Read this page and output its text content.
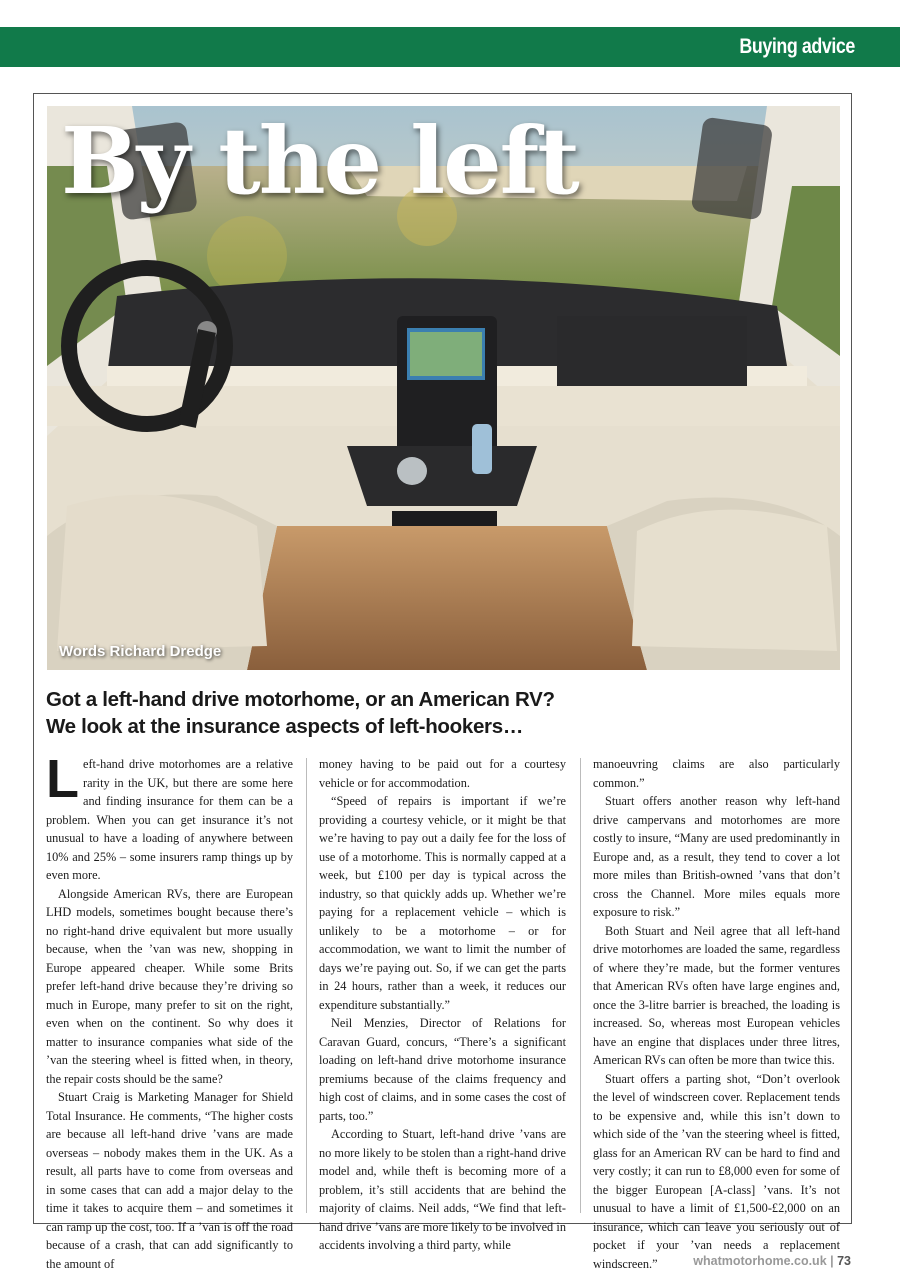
Buying advice
By the left
Words Richard Dredge
Got a left-hand drive motorhome, or an American RV?
We look at the insurance aspects of left-hookers…

Left-hand drive motorhomes are a relative rarity in the UK, but there are some here and finding insurance for them can be a problem. When you can get insurance it’s not unusual to have a loading of anywhere between 10% and 25% – some insurers ramp things up by even more.

Alongside American RVs, there are European LHD models, sometimes bought because there’s no right-hand drive equivalent but more usually because, when the ’van was new, shopping in Europe appeared cheaper. While some Brits prefer left-hand drive because they’re driving so much in Europe, many prefer to sit on the right, even when on the continent. So why does it matter to insurance companies what side of the ’van the steering wheel is fitted when, in theory, the repair costs should be the same?

Stuart Craig is Marketing Manager for Shield Total Insurance. He comments, “The higher costs are because all left-hand drive ’vans are made overseas – nobody makes them in the UK. As a result, all parts have to come from overseas and in some cases that can add a major delay to the time it takes to acquire them – and sometimes it can ramp up the cost, too. If a ’van is off the road because of a crash, that can add significantly to the amount of

money having to be paid out for a courtesy vehicle or for accommodation.

“Speed of repairs is important if we’re providing a courtesy vehicle, or it might be that we’re having to pay out a daily fee for the loss of use of a motorhome. This is normally capped at a week, but £100 per day is typical across the industry, so that quickly adds up. Whether we’re paying for a replacement vehicle – which is unlikely to be a motorhome – or for accommodation, we want to limit the number of days we’re paying out. So, if we can get the parts in 24 hours, rather than a week, it reduces our expenditure substantially.”

Neil Menzies, Director of Relations for Caravan Guard, concurs, “There’s a significant loading on left-hand drive motorhome insurance premiums because of the claims frequency and high cost of claims, and in some cases the cost of parts, too.”

According to Stuart, left-hand drive ’vans are no more likely to be stolen than a right-hand drive model and, while theft is becoming more of a problem, it’s still accidents that are behind the majority of claims. Neil adds, “We find that left-hand drive ’vans are more likely to be involved in accidents involving a third party, while

manoeuvring claims are also particularly common.”

Stuart offers another reason why left-hand drive campervans and motorhomes are more costly to insure, “Many are used predominantly in Europe and, as a result, they tend to cover a lot more miles than British-owned ’vans that don’t cross the Channel. More miles equals more exposure to risk.”

Both Stuart and Neil agree that all left-hand drive motorhomes are loaded the same, regardless of where they’re made, but the former ventures that American RVs often have large engines and, once the 3-litre barrier is breached, the loading is increased. So, whereas most European vehicles have an engine that displaces under three litres, American RVs can often be more than twice this.

Stuart offers a parting shot, “Don’t overlook the level of windscreen cover. Replacement tends to be expensive and, while this isn’t down to which side of the ’van the steering wheel is fitted, glass for an American RV can be hard to find and very costly; it can run to £8,000 even for some of the bigger European [A-class] ’vans. It’s not unusual to have a limit of £1,500-£2,000 on an insurance, which can leave you seriously out of pocket if your ’van needs a replacement windscreen.”	whatmotorhome.co.uk | 73
